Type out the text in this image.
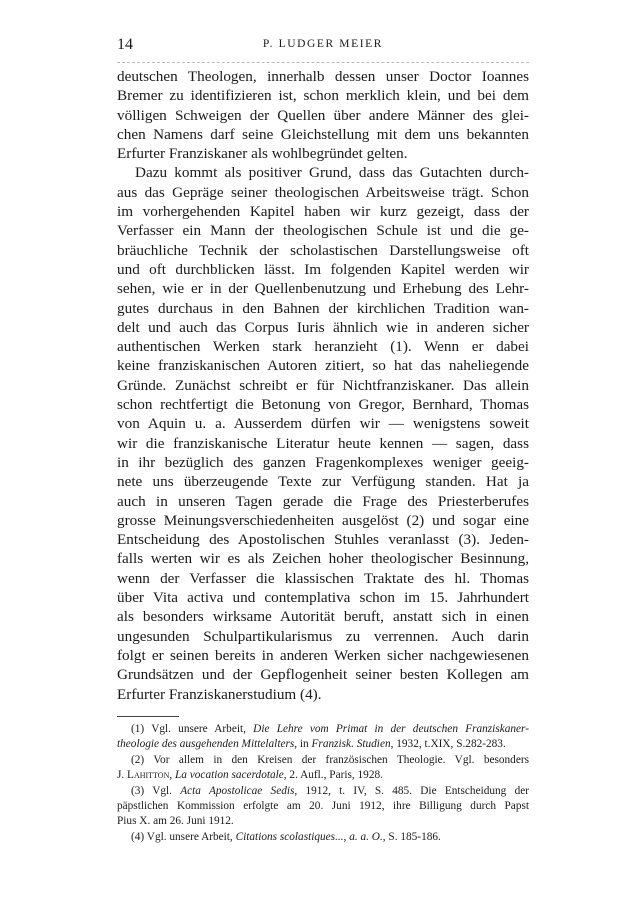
14	P. LUDGER MEIER
deutschen Theologen, innerhalb dessen unser Doctor Ioannes
Bremer zu identifizieren ist, schon merklich klein, und bei dem
völligen Schweigen der Quellen über andere Männer des glei-
chen Namens darf seine Gleichstellung mit dem uns bekannten
Erfurter Franziskaner als wohlbegründet gelten.
Dazu kommt als positiver Grund, dass das Gutachten durch-
aus das Gepräge seiner theologischen Arbeitsweise trägt. Schon
im vorhergehenden Kapitel haben wir kurz gezeigt, dass der
Verfasser ein Mann der theologischen Schule ist und die ge-
bräuchliche Technik der scholastischen Darstellungsweise oft
und oft durchblicken lässt. Im folgenden Kapitel werden wir
sehen, wie er in der Quellenbenutzung und Erhebung des Lehr-
gutes durchaus in den Bahnen der kirchlichen Tradition wan-
delt und auch das Corpus Iuris ähnlich wie in anderen sicher
authentischen Werken stark heranzieht (1). Wenn er dabei
keine franziskanischen Autoren zitiert, so hat das naheliegende
Gründe. Zunächst schreibt er für Nichtfranziskaner. Das allein
schon rechtfertigt die Betonung von Gregor, Bernhard, Thomas
von Aquin u. a. Ausserdem dürfen wir — wenigstens soweit
wir die franziskanische Literatur heute kennen — sagen, dass
in ihr bezüglich des ganzen Fragenkomplexes weniger geeig-
nete uns überzeugende Texte zur Verfügung standen. Hat ja
auch in unseren Tagen gerade die Frage des Priesterberufes
grosse Meinungsverschiedenheiten ausgelöst (2) und sogar eine
Entscheidung des Apostolischen Stuhles veranlasst (3). Jeden-
falls werten wir es als Zeichen hoher theologischer Besinnung,
wenn der Verfasser die klassischen Traktate des hl. Thomas
über Vita activa und contemplativa schon im 15. Jahrhundert
als besonders wirksame Autorität beruft, anstatt sich in einen
ungesunden Schulpartikularismus zu verrennen. Auch darin
folgt er seinen bereits in anderen Werken sicher nachgewiesenen
Grundsätzen und der Gepflogenheit seiner besten Kollegen am
Erfurter Franziskanerstudium (4).
(1) Vgl. unsere Arbeit, Die Lehre vom Primat in der deutschen Franziskaner-
theologie des ausgehenden Mittelalters, in Franzisk. Studien, 1932, t.XIX, S.282-283.
(2) Vor allem in den Kreisen der französischen Theologie. Vgl. besonders
J. Lahitton, La vocation sacerdotale, 2. Aufl., Paris, 1928.
(3) Vgl. Acta Apostolicae Sedis, 1912, t. IV, S. 485. Die Entscheidung der
päpstlichen Kommission erfolgte am 20. Juni 1912, ihre Billigung durch Papst
Pius X. am 26. Juni 1912.
(4) Vgl. unsere Arbeit, Citations scolastiques..., a. a. O., S. 185-186.
